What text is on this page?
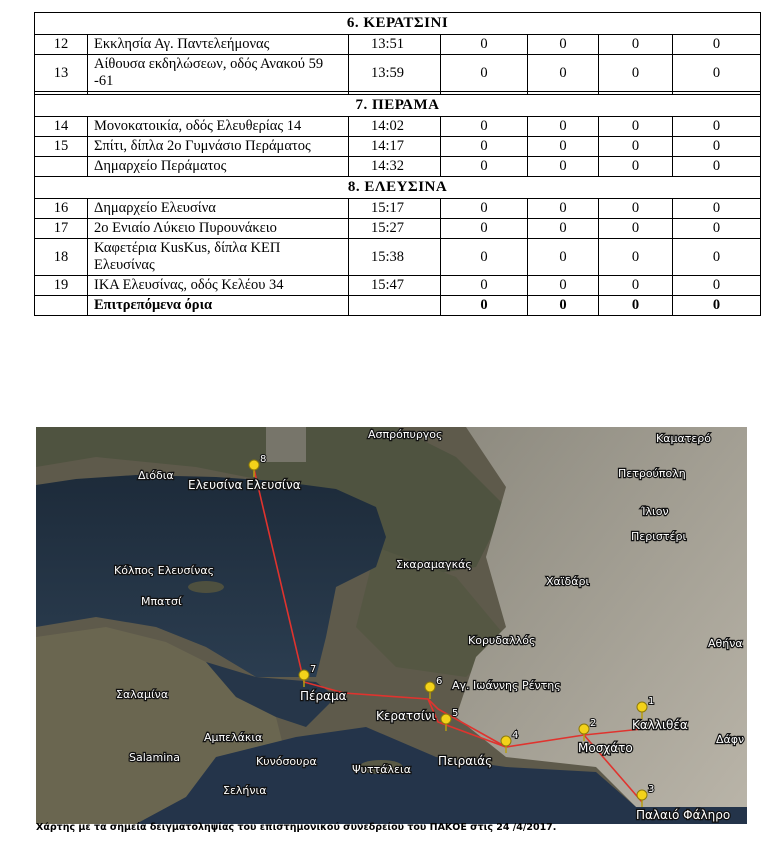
6. ΚΕΡΑΤΣΙΝΙ						
12	Εκκλησία Αγ. Παντελεήμονας	13:51	0	0	0	0
13	Αίθουσα εκδηλώσεων, οδός Ανακού 59 -61	13:59	0	0	0	0

7. ΠΕΡΑΜΑ						
14	Μονοκατοικία, οδός Ελευθερίας 14	14:02	0	0	0	0
15	Σπίτι, δίπλα 2ο Γυμνάσιο Περάματος	14:17	0	0	0	0
	Δημαρχείο Περάματος	14:32	0	0	0	0
8. ΕΛΕΥΣΙΝΑ						
16	Δημαρχείο Ελευσίνα	15:17	0	0	0	0
17	2ο Ενιαίο Λύκειο Πυρουνάκειο	15:27	0	0	0	0
18	Καφετέρια KusKus, δίπλα ΚΕΠ Ελευσίνας	15:38	0	0	0	0
19	ΙΚΑ Ελευσίνας, οδός Κελέου 34	15:47	0	0	0	0
	Επιτρεπόμενα όρια		0	0	0	0
Ασπρόπυργος	Καματερό
Πετρούπολη
Ίλιον
Περιστέρι
Χαϊδάρι
Σκαραμαγκάς
Κορυδαλλός	Αθήνα
Αγ. Ιωάννης Ρέντης
Δάφν
Αμπελάκια
Salamina	Κυνόσουρα
Ψυττάλεια
Σελήνια
Σαλαμίνα
Μπατσί
Κόλπος Ελευσίνας
Διόδια
Ελευσίνα Ελευσίνα
Πέραμα
Κερατσίνι
Πειραιάς
Μοσχάτο
Καλλιθέα
Παλαιό Φάληρο
1
2
3
4
5
6
7
8
Χάρτης με τα σημεία δειγματοληψίας του επιστημονικού συνεδρείου του ΠΑΚΟΕ στις 24 /4/2017.
